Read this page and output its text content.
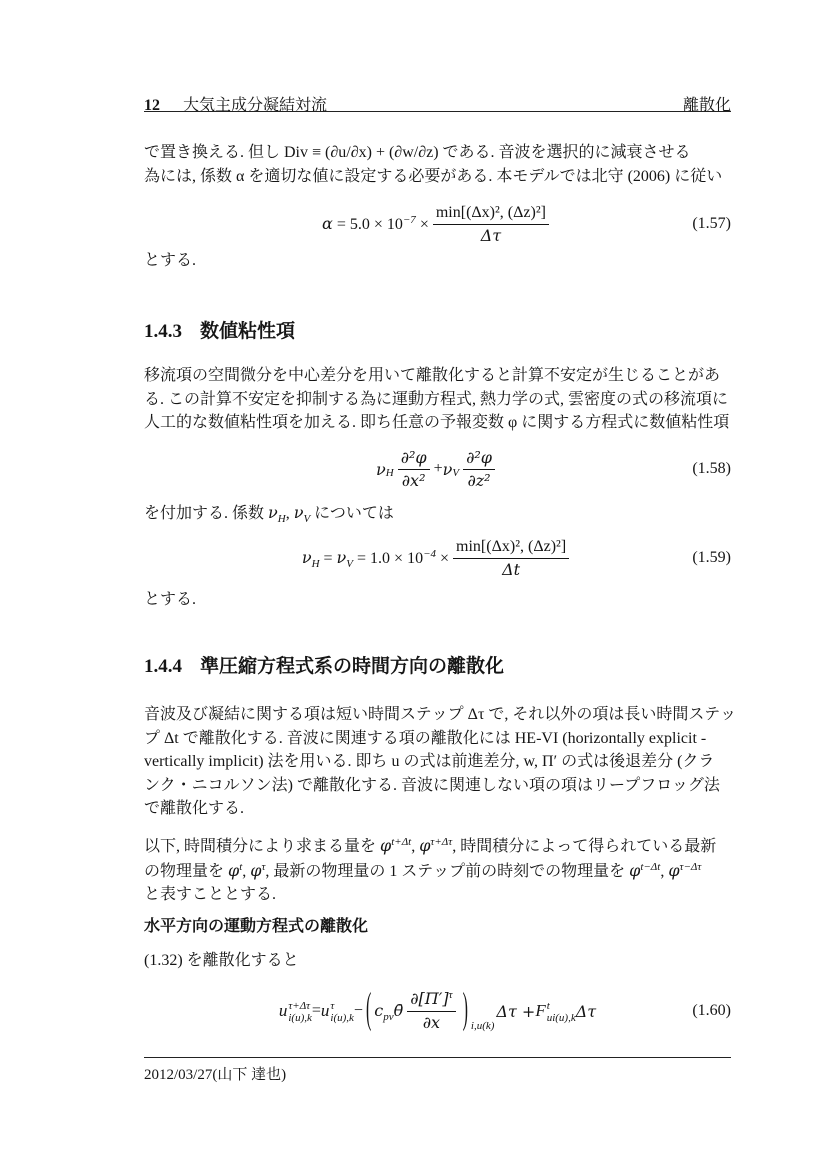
12 大気主成分凝結対流	離散化
で置き換える. 但し Div ≡ (∂u/∂x) + (∂w/∂z) である. 音波を選択的に減衰させる
為には, 係数 α を適切な値に設定する必要がある. 本モデルでは北守 (2006) に従い
$\alpha = 5.0 \times 10^{-7} \times \frac{\text{min[(Δx)², (Δz)²]}}{\Delta\tau}$	(1.57)
とする.
1.4.3 数値粘性項
移流項の空間微分を中心差分を用いて離散化すると計算不安定が生じることがあ
る. この計算不安定を抑制する為に運動方程式, 熱力学の式, 雲密度の式の移流項に
人工的な数値粘性項を加える. 即ち任意の予報変数 φ に関する方程式に数値粘性項
$\nu_H \frac{\text{∂²φ}}{\text{∂x²}} + \nu_V \frac{\text{∂²φ}}{\text{∂z²}}$	(1.58)
を付加する. 係数 $\nu_H$, $\nu_V$ については
$\nu_H = \nu_V = 1.0 \times 10^{-4} \times \frac{\text{min[(Δx)², (Δz)²]}}{\Delta t}$	(1.59)
とする.
1.4.4 準圧縮方程式系の時間方向の離散化
音波及び凝結に関する項は短い時間ステップ Δτ で, それ以外の項は長い時間ステッ
プ Δt で離散化する. 音波に関連する項の離散化には HE-VI (horizontally explicit -
vertically implicit) 法を用いる. 即ち u の式は前進差分, w, Π′ の式は後退差分 (クラ
ンク・ニコルソン法) で離散化する. 音波に関連しない項の項はリープフロッグ法
で離散化する.
以下, 時間積分により求まる量を $\varphi^{t+\Delta t}$, $\varphi^{\tau+\Delta\tau}$, 時間積分によって得られている最新
の物理量を $\varphi^t$, $\varphi^\tau$, 最新の物理量の 1 ステップ前の時刻での物理量を $\varphi^{t-\Delta t}$, $\varphi^{\tau-\Delta\tau}$
と表すこととする.
水平方向の運動方程式の離散化
(1.32) を離散化すると
u τ+Δτ
i(u),k = u τ
i(u),k − ( $c_{pv}\thetā \frac{\partial[\Pi']^\tau}{\partial x}$ ) i,u(k)
Δτ + F t
ui(u),k Δτ	(1.60)
2012/03/27(山下 達也)
